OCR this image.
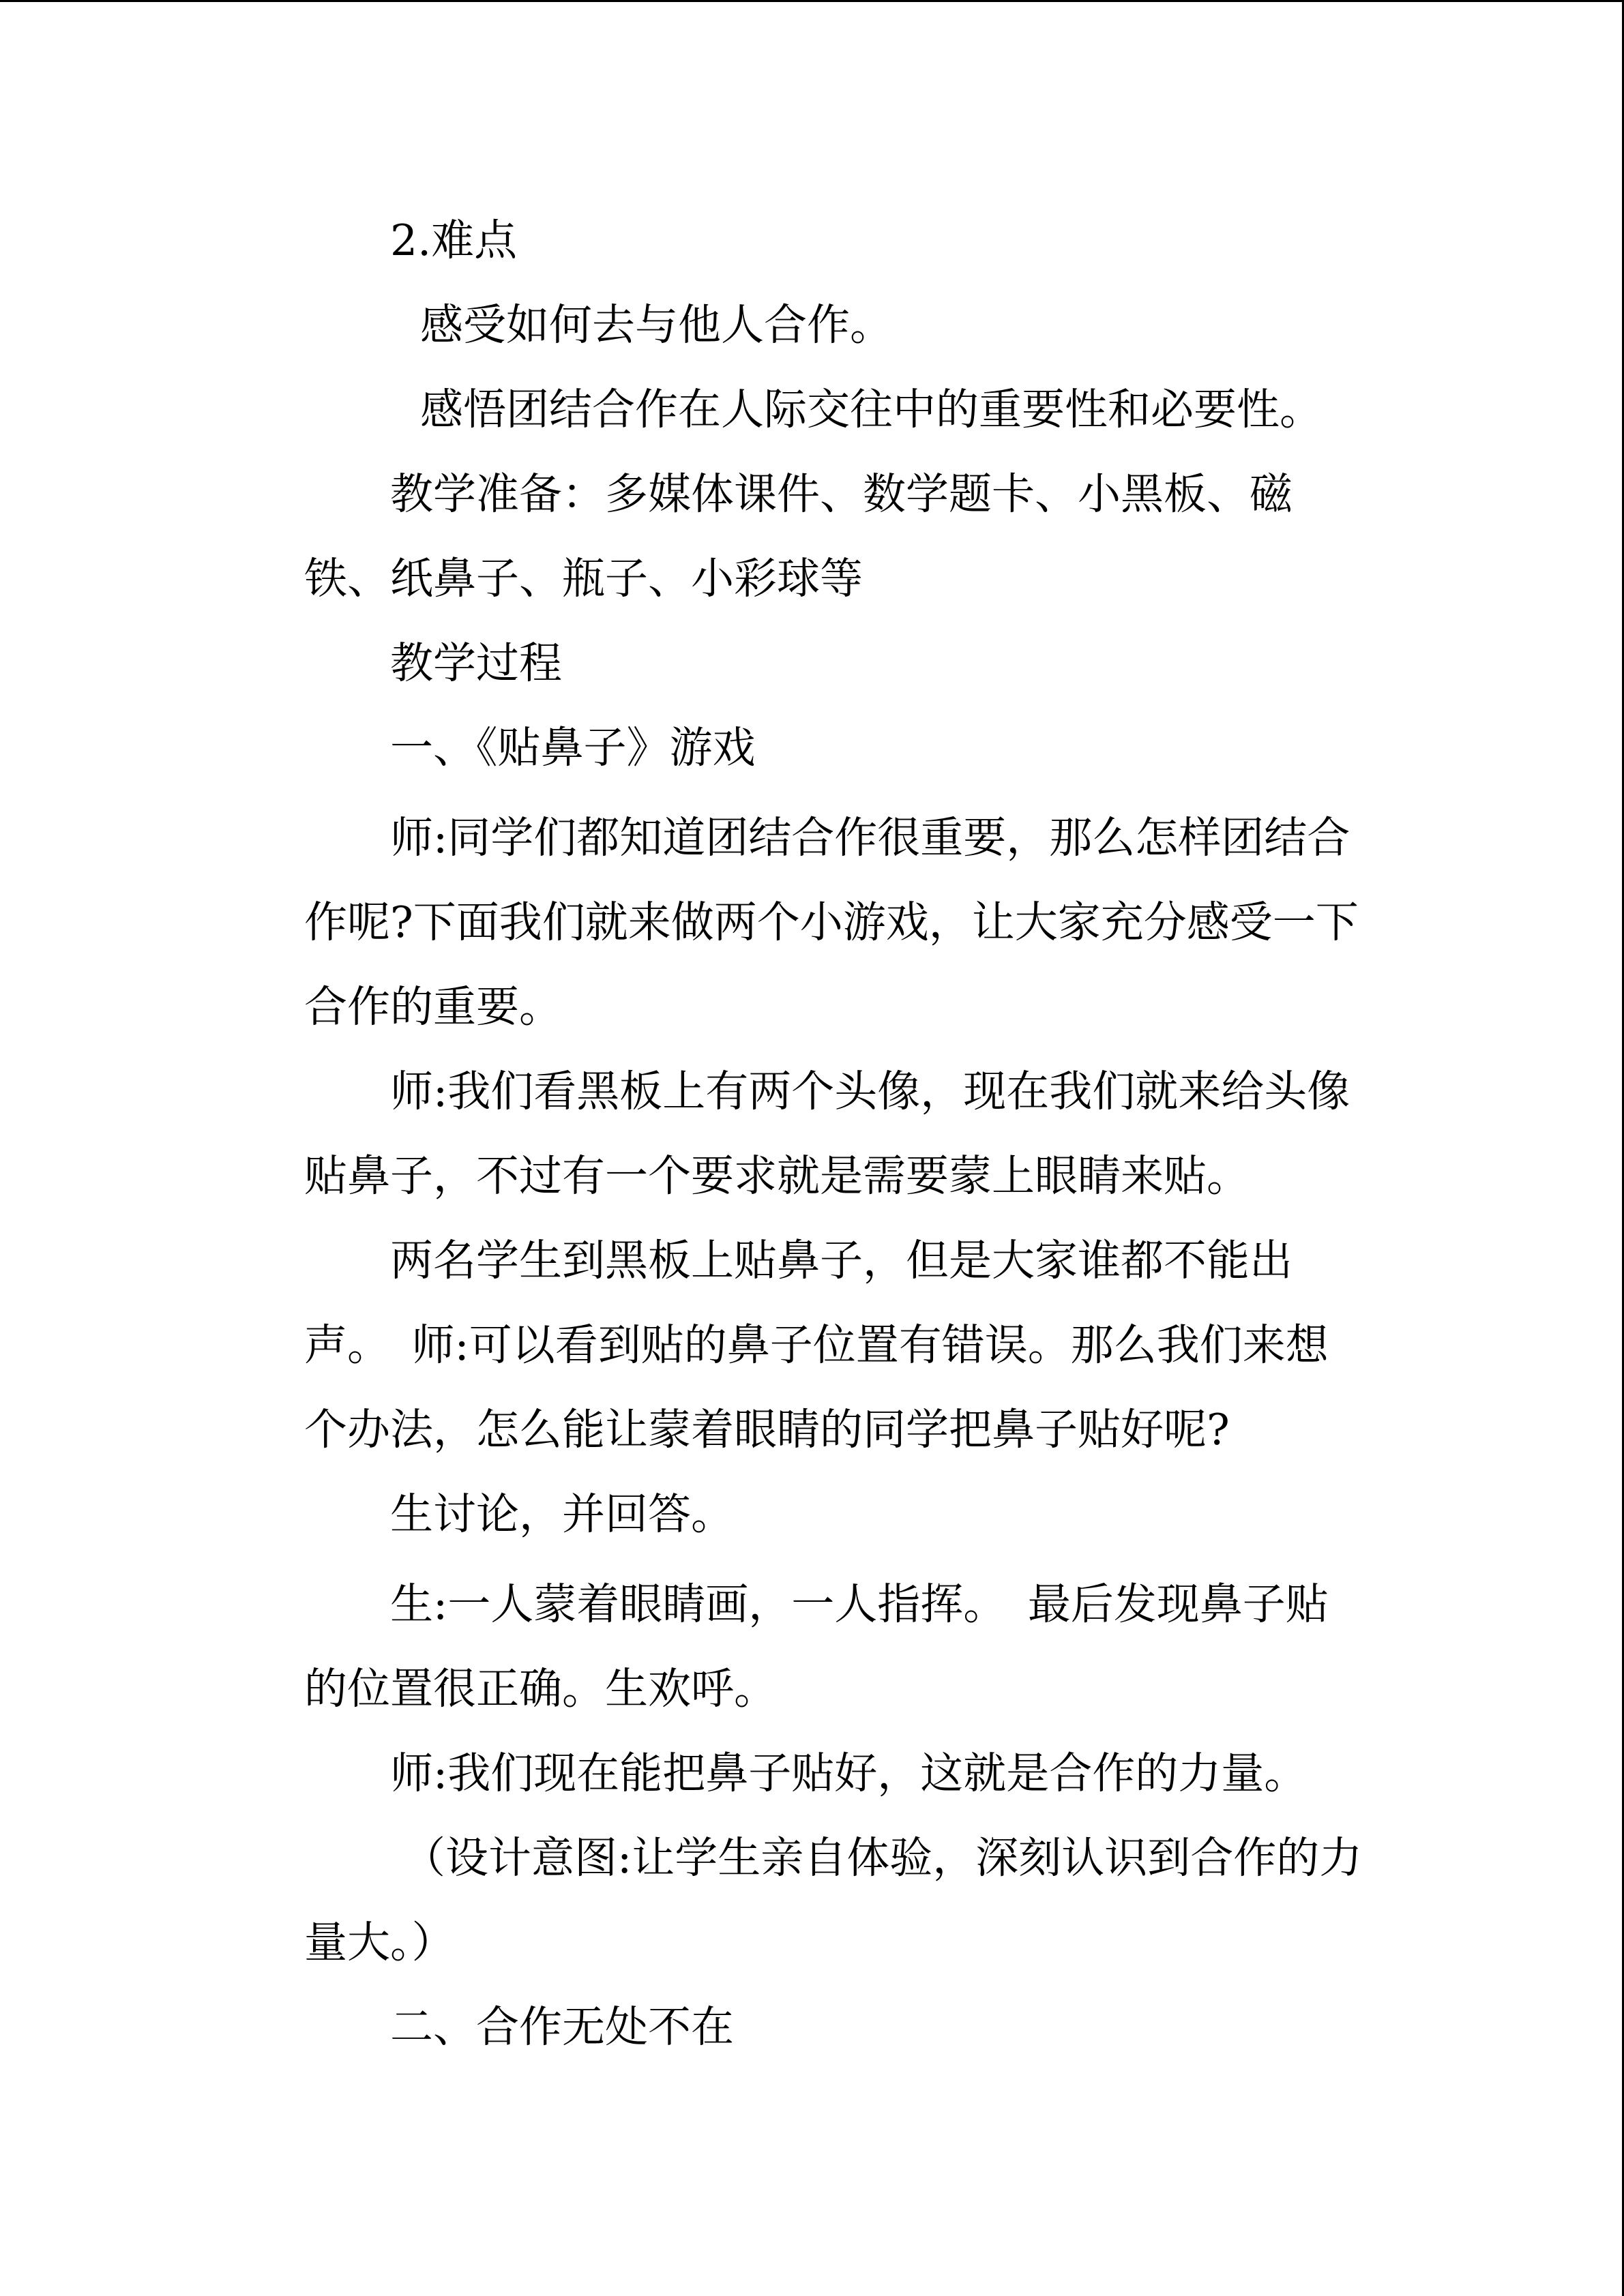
2.难点
感受如何去与他人合作。
感悟团结合作在人际交往中的重要性和必要性。
教学准备：多媒体课件、数学题卡、小黑板、磁
铁、纸鼻子、瓶子、小彩球等
教学过程
一、《贴鼻子》游戏
师:同学们都知道团结合作很重要，那么怎样团结合
作呢?下面我们就来做两个小游戏，让大家充分感受一下
合作的重要。
师:我们看黑板上有两个头像，现在我们就来给头像
贴鼻子，不过有一个要求就是需要蒙上眼睛来贴。
两名学生到黑板上贴鼻子，但是大家谁都不能出
声。　师:可以看到贴的鼻子位置有错误。那么我们来想
个办法，怎么能让蒙着眼睛的同学把鼻子贴好呢?
生讨论，并回答。
生:一人蒙着眼睛画，一人指挥。　最后发现鼻子贴
的位置很正确。生欢呼。
师:我们现在能把鼻子贴好，这就是合作的力量。
（设计意图:让学生亲自体验，深刻认识到合作的力
量大。）
二、合作无处不在
